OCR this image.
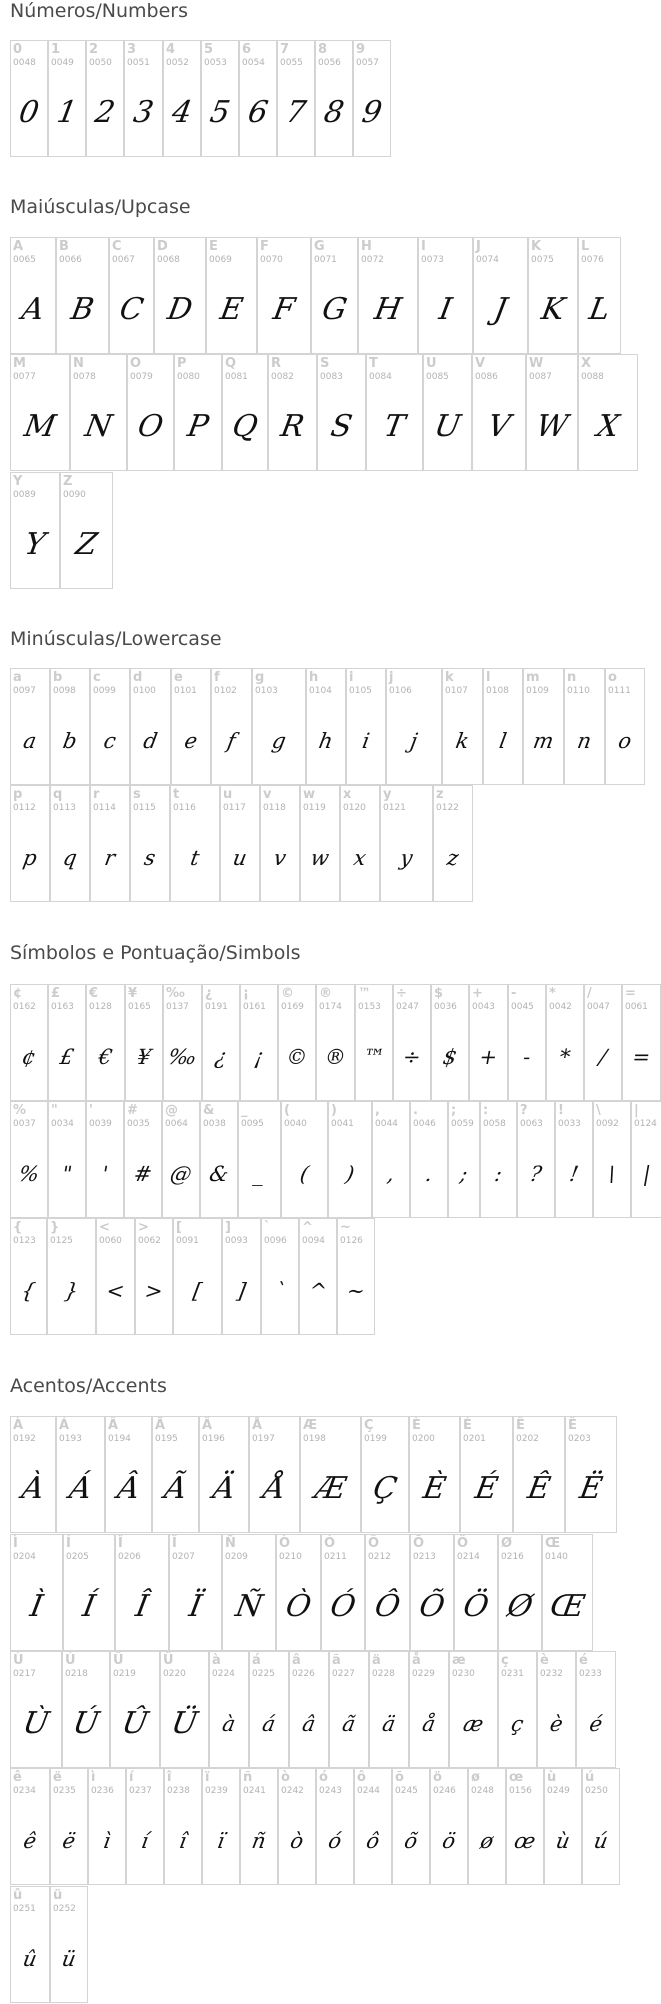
Números/Numbers
Maiúsculas/Upcase
Minúsculas/Lowercase
Símbolos e Pontuação/Simbols
Acentos/Accents
0
0048
0
1
0049
1
2
0050
2
3
0051
3
4
0052
4
5
0053
5
6
0054
6
7
0055
7
8
0056
8
9
0057
9
A
0065
A
B
0066
B
C
0067
C
D
0068
D
E
0069
E
F
0070
F
G
0071
G
H
0072
H
I
0073
I
J
0074
J
K
0075
K
L
0076
L
M
0077
M
N
0078
N
O
0079
O
P
0080
P
Q
0081
Q
R
0082
R
S
0083
S
T
0084
T
U
0085
U
V
0086
V
W
0087
W
X
0088
X
Y
0089
Y
Z
0090
Z
a
0097
a
b
0098
b
c
0099
c
d
0100
d
e
0101
e
f
0102
f
g
0103
g
h
0104
h
i
0105
i
j
0106
j
k
0107
k
l
0108
l
m
0109
m
n
0110
n
o
0111
o
p
0112
p
q
0113
q
r
0114
r
s
0115
s
t
0116
t
u
0117
u
v
0118
v
w
0119
w
x
0120
x
y
0121
y
z
0122
z
¢
0162
¢
£
0163
£
€
0128
€
¥
0165
¥
‰
0137
‰
¿
0191
¿
¡
0161
¡
©
0169
©
®
0174
®
™
0153
™
÷
0247
÷
$
0036
$
+
0043
+
-
0045
-
*
0042
*
/
0047
/
=
0061
=
%
0037
%
"
0034
"
'
0039
'
#
0035
#
@
0064
@
&
0038
&
_
0095
_
(
0040
(
)
0041
)
,
0044
,
.
0046
.
;
0059
;
:
0058
:
?
0063
?
!
0033
!
\
0092
\
|
0124
|
{
0123
{
}
0125
}
<
0060
<
>
0062
>
[
0091
[
]
0093
]
`
0096
`
^
0094
^
~
0126
~
À
0192
À
Á
0193
Á
Â
0194
Â
Ã
0195
Ã
Ä
0196
Ä
Å
0197
Å
Æ
0198
Æ
Ç
0199
Ç
È
0200
È
É
0201
É
Ê
0202
Ê
Ë
0203
Ë
Ì
0204
Ì
Í
0205
Í
Î
0206
Î
Ï
0207
Ï
Ñ
0209
Ñ
Ò
0210
Ò
Ó
0211
Ó
Ô
0212
Ô
Õ
0213
Õ
Ö
0214
Ö
Ø
0216
Ø
Œ
0140
Œ
Ù
0217
Ù
Ú
0218
Ú
Û
0219
Û
Ü
0220
Ü
à
0224
à
á
0225
á
â
0226
â
ã
0227
ã
ä
0228
ä
å
0229
å
æ
0230
æ
ç
0231
ç
è
0232
è
é
0233
é
ê
0234
ê
ë
0235
ë
ì
0236
ì
í
0237
í
î
0238
î
ï
0239
ï
ñ
0241
ñ
ò
0242
ò
ó
0243
ó
ô
0244
ô
õ
0245
õ
ö
0246
ö
ø
0248
ø
œ
0156
œ
ù
0249
ù
ú
0250
ú
û
0251
û
ü
0252
ü
